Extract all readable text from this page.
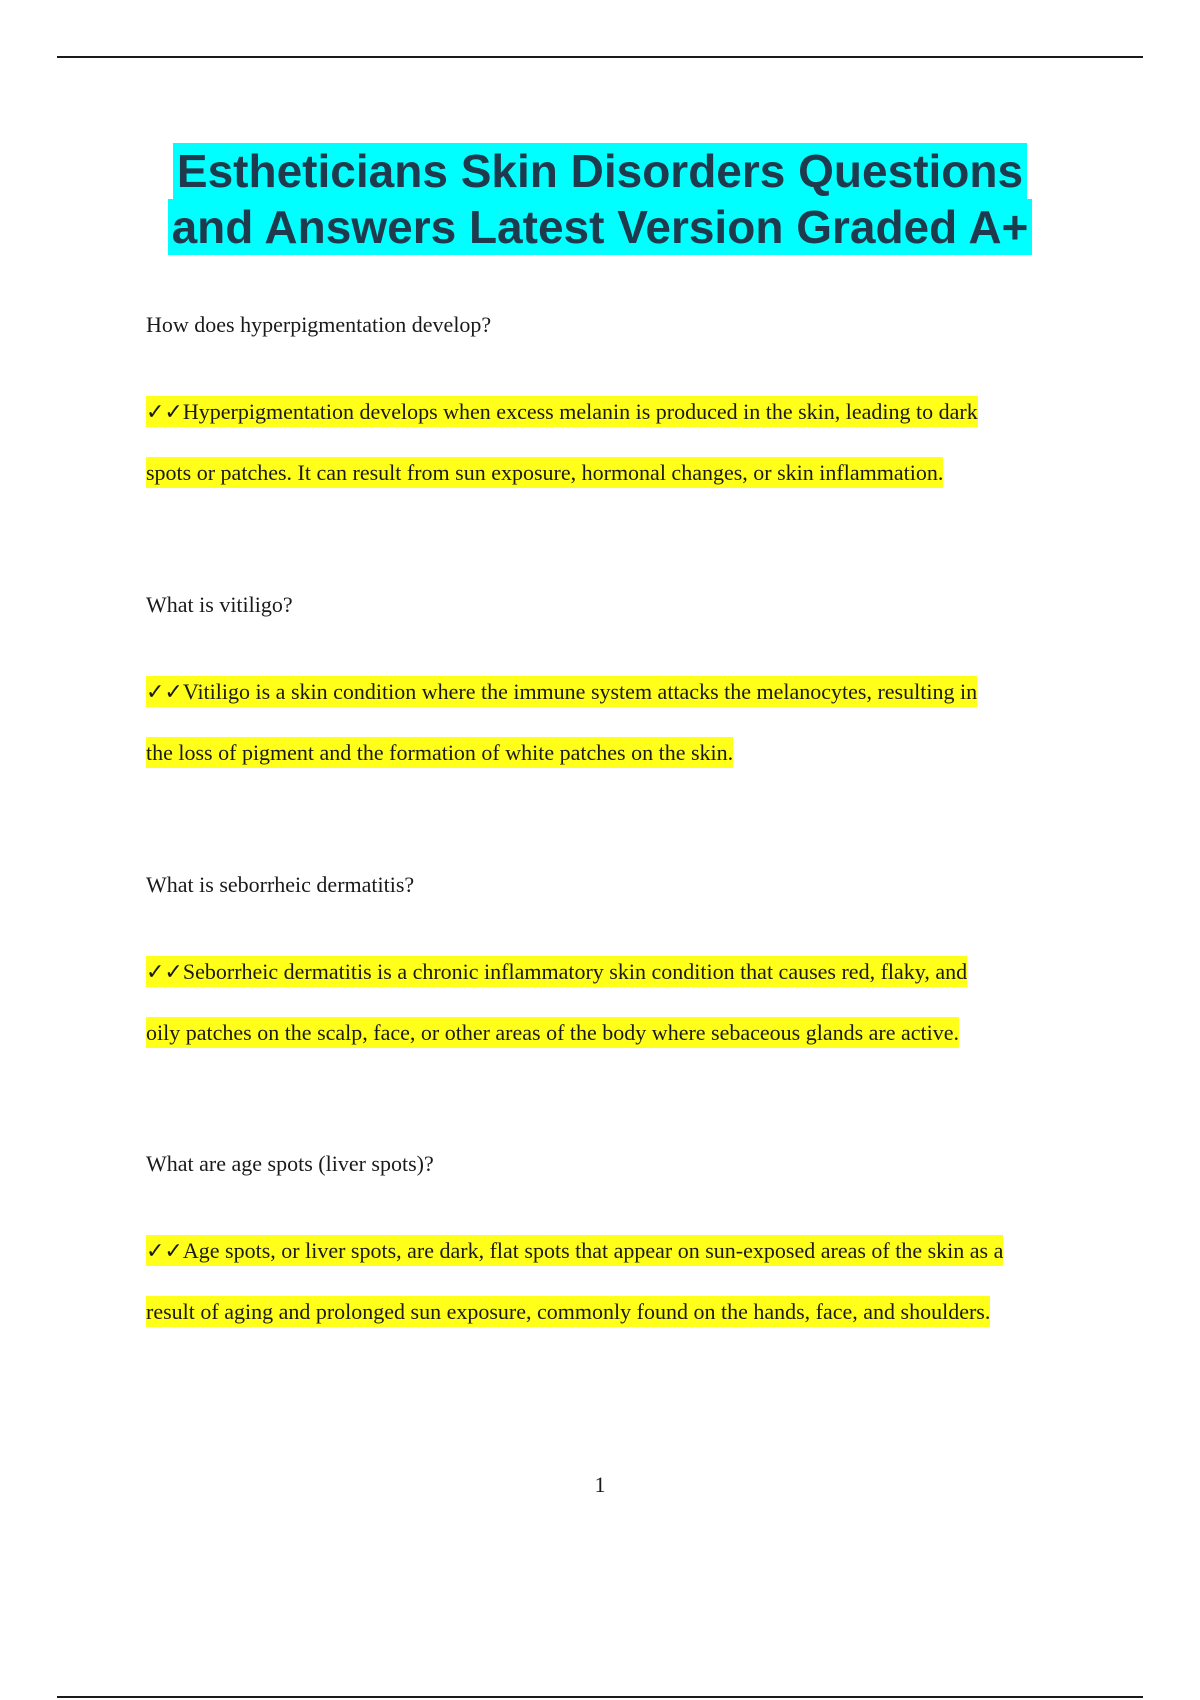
Estheticians Skin Disorders Questions
and Answers Latest Version Graded A+

How does hyperpigmentation develop?

✓✓Hyperpigmentation develops when excess melanin is produced in the skin, leading to dark
spots or patches. It can result from sun exposure, hormonal changes, or skin inflammation.

What is vitiligo?

✓✓Vitiligo is a skin condition where the immune system attacks the melanocytes, resulting in
the loss of pigment and the formation of white patches on the skin.

What is seborrheic dermatitis?

✓✓Seborrheic dermatitis is a chronic inflammatory skin condition that causes red, flaky, and
oily patches on the scalp, face, or other areas of the body where sebaceous glands are active.

What are age spots (liver spots)?

✓✓Age spots, or liver spots, are dark, flat spots that appear on sun-exposed areas of the skin as a
result of aging and prolonged sun exposure, commonly found on the hands, face, and shoulders.
1
